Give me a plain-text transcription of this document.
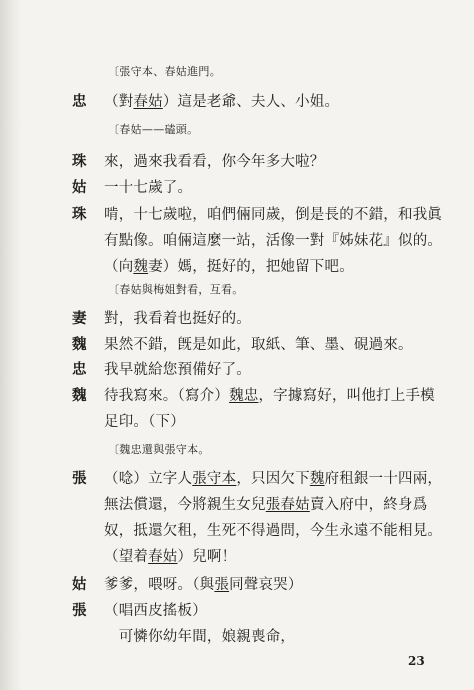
〔張守本、春姑進門。
〔春姑——磕頭。
〔春姑與梅姐對看，互看。
〔魏忠還與張守本。
忠 （對春姑）這是老爺、夫人、小姐。
珠 來，過來我看看，你今年多大啦？
姑 一十七歲了。
珠 啃，十七歲啦，咱們倆同歲，倒是長的不錯，和我眞
有點像。咱倆這麼一站，活像一對『姊妹花』似的。
（向魏妻）媽，挺好的，把她留下吧。
妻 對，我看着也挺好的。
魏 果然不錯，旣是如此，取紙、筆、墨、硯過來。
忠 我早就給您預備好了。
魏 待我寫來。（寫介）魏忠，字據寫好，叫他打上手模
足印。（下）
張 （唸）立字人張守本，只因欠下魏府租銀一十四兩，
無法償還，今將親生女兒張春姑賣入府中，終身爲
奴，抵還欠租，生死不得過問，今生永遠不能相見。
（望着春姑）兒啊！
姑 爹爹，喂呀。（與張同聲哀哭）
張 （唱西皮搖板）
　可憐你幼年間，娘親喪命，
23
